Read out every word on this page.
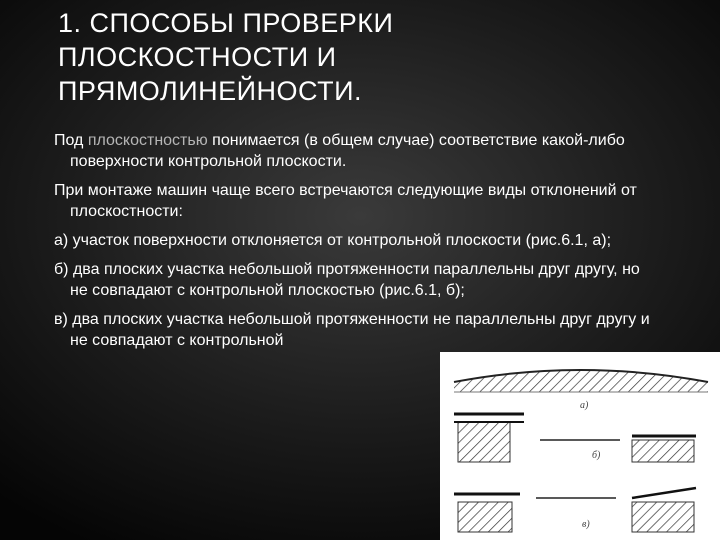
1. СПОСОБЫ ПРОВЕРКИ ПЛОСКОСТНОСТИ И ПРЯМОЛИНЕЙНОСТИ.

Под плоскостностью понимается (в общем случае) соответствие какой-либо поверхности контрольной плоскости.

При монтаже машин чаще всего встречаются следующие виды отклонений от плоскостности:

а) участок поверхности отклоняется от контрольной плоскости (рис.6.1, а);

б) два плоских участка небольшой протяженности параллельны друг другу, но не совпадают с контрольной плоскостью (рис.6.1, б);

в) два плоских участка небольшой протяженности не параллельны друг другу и не совпадают с контрольной

а)
б)
в)
